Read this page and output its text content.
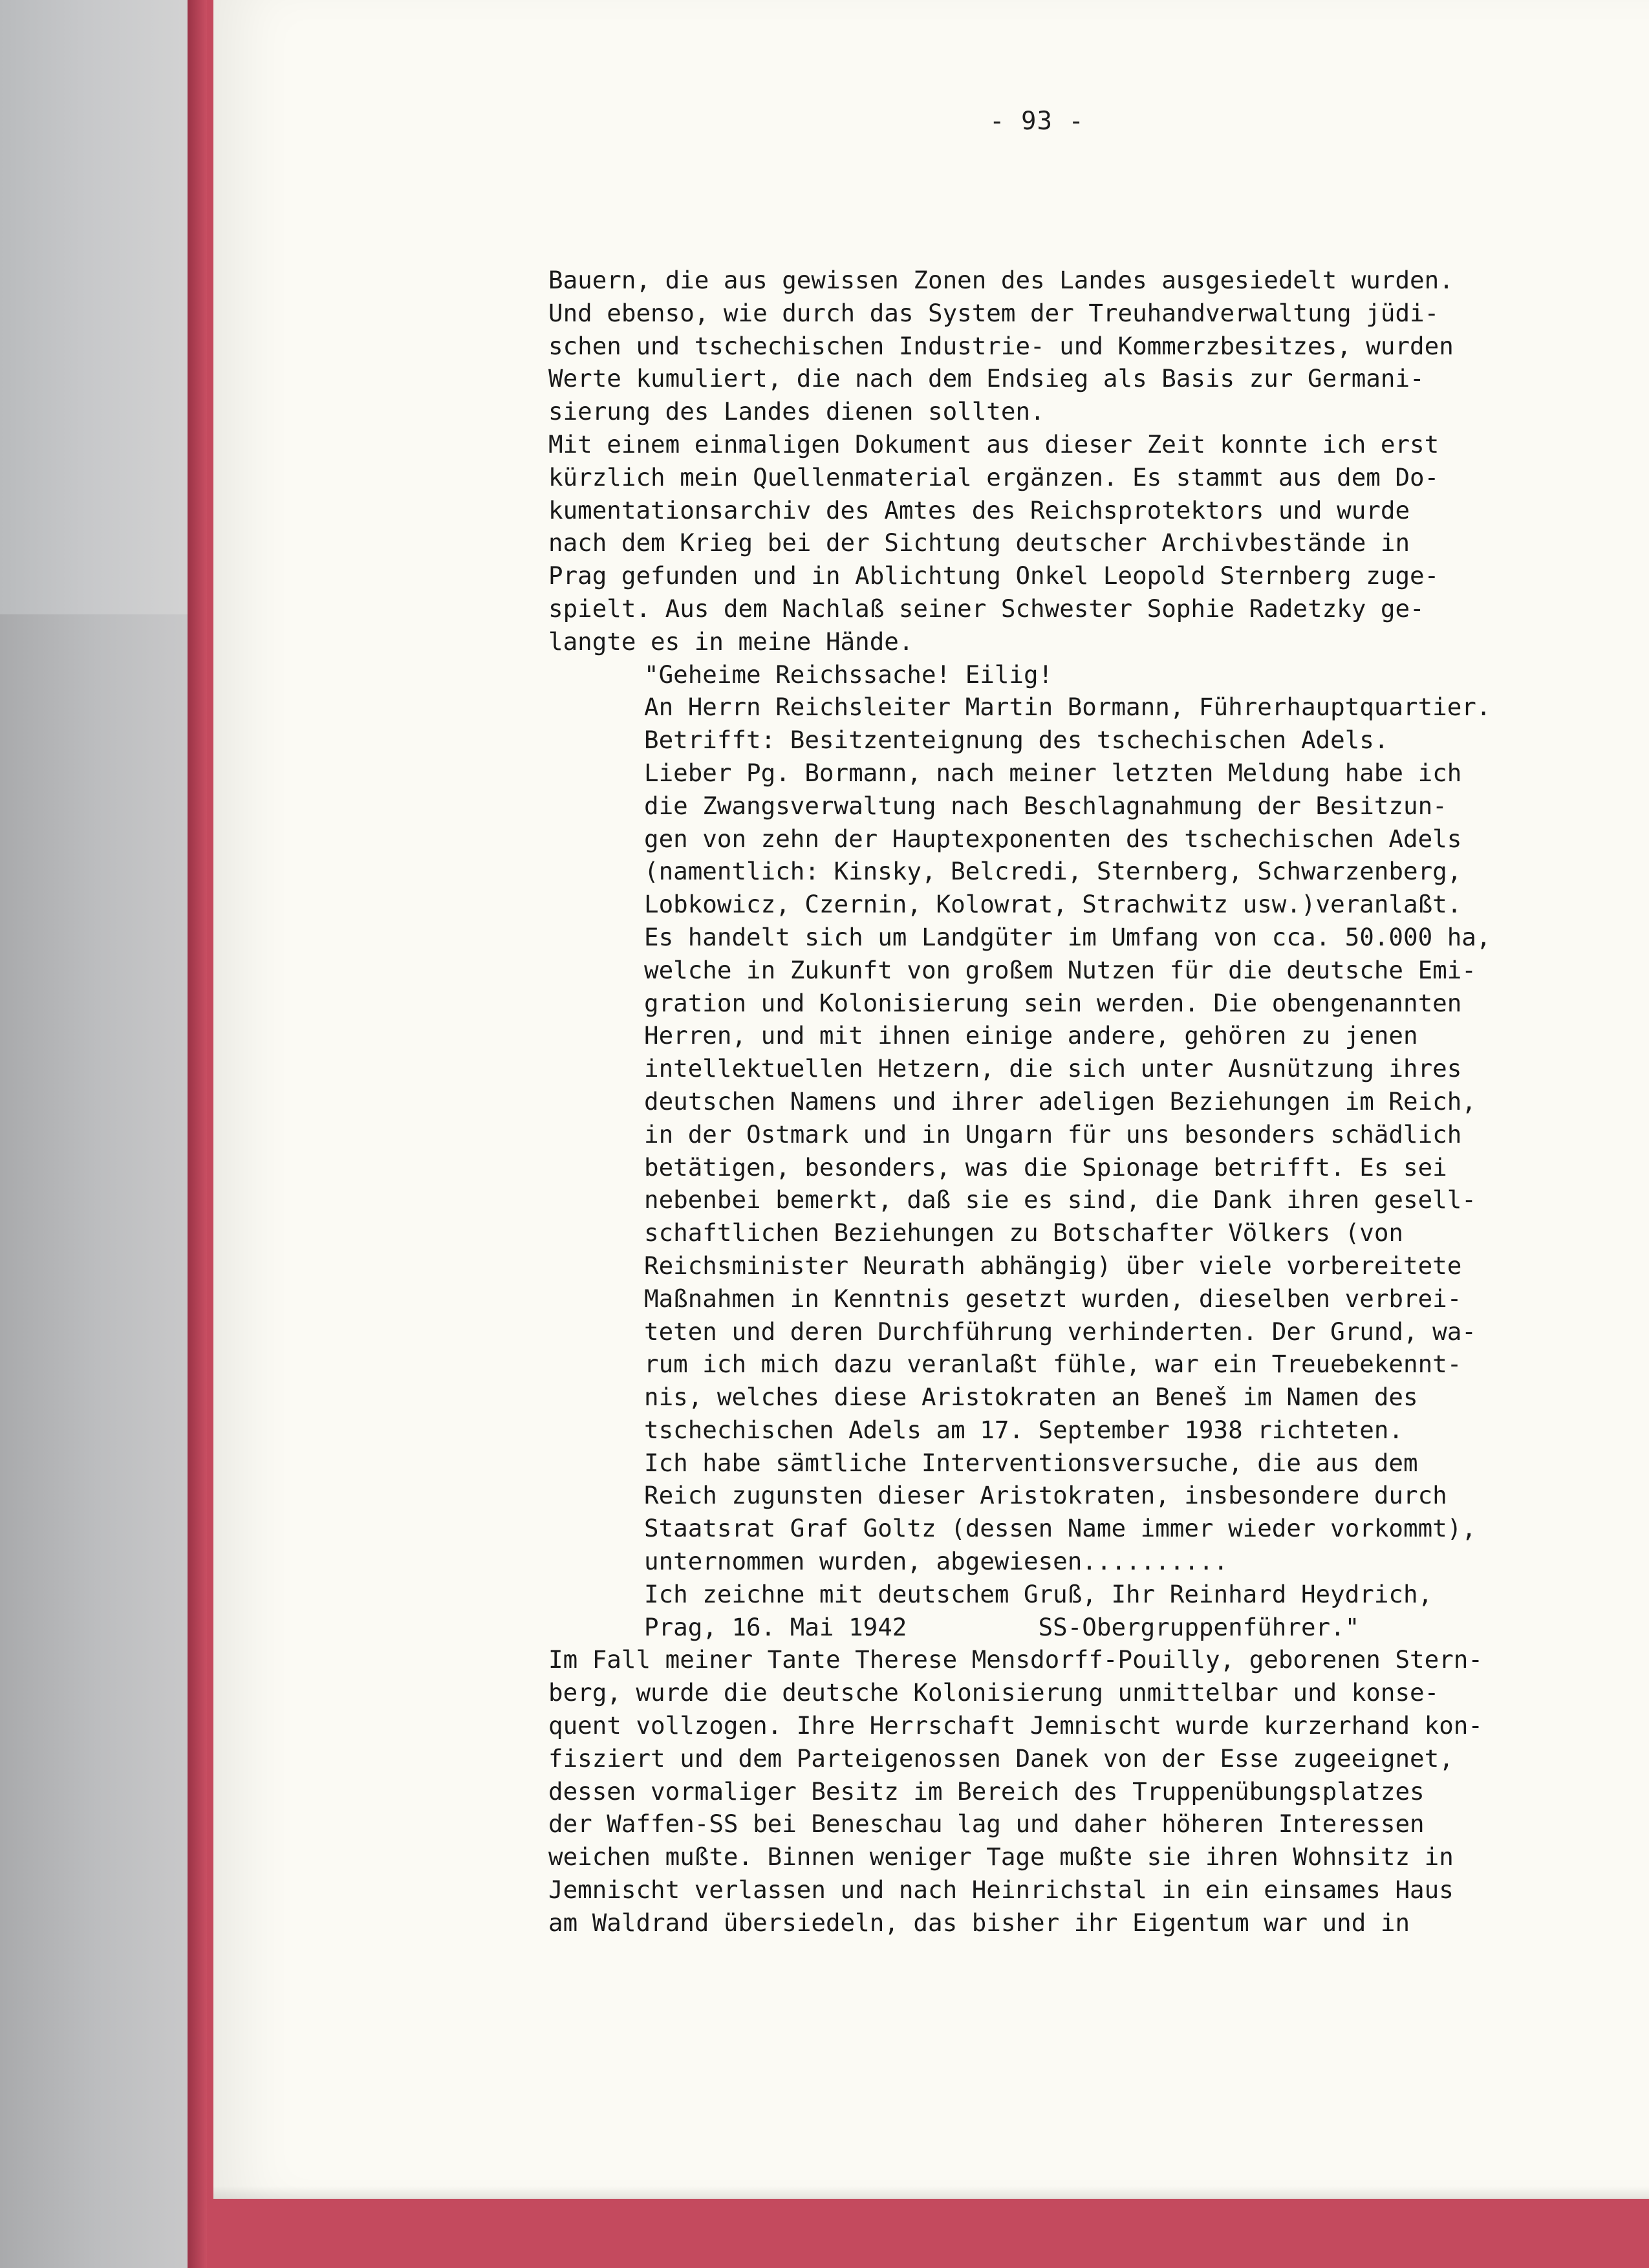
- 93 -
Bauern, die aus gewissen Zonen des Landes ausgesiedelt wurden.
Und ebenso, wie durch das System der Treuhandverwaltung jüdi-
schen und tschechischen Industrie- und Kommerzbesitzes, wurden
Werte kumuliert, die nach dem Endsieg als Basis zur Germani-
sierung des Landes dienen sollten.
Mit einem einmaligen Dokument aus dieser Zeit konnte ich erst
kürzlich mein Quellenmaterial ergänzen. Es stammt aus dem Do-
kumentationsarchiv des Amtes des Reichsprotektors und wurde
nach dem Krieg bei der Sichtung deutscher Archivbestände in
Prag gefunden und in Ablichtung Onkel Leopold Sternberg zuge-
spielt. Aus dem Nachlaß seiner Schwester Sophie Radetzky ge-
langte es in meine Hände.
"Geheime Reichssache! Eilig!
An Herrn Reichsleiter Martin Bormann, Führerhauptquartier.
Betrifft: Besitzenteignung des tschechischen Adels.
Lieber Pg. Bormann, nach meiner letzten Meldung habe ich
die Zwangsverwaltung nach Beschlagnahmung der Besitzun-
gen von zehn der Hauptexponenten des tschechischen Adels
(namentlich: Kinsky, Belcredi, Sternberg, Schwarzenberg,
Lobkowicz, Czernin, Kolowrat, Strachwitz usw.)veranlaßt.
Es handelt sich um Landgüter im Umfang von cca. 50.000 ha,
welche in Zukunft von großem Nutzen für die deutsche Emi-
gration und Kolonisierung sein werden. Die obengenannten
Herren, und mit ihnen einige andere, gehören zu jenen
intellektuellen Hetzern, die sich unter Ausnützung ihres
deutschen Namens und ihrer adeligen Beziehungen im Reich,
in der Ostmark und in Ungarn für uns besonders schädlich
betätigen, besonders, was die Spionage betrifft. Es sei
nebenbei bemerkt, daß sie es sind, die Dank ihren gesell-
schaftlichen Beziehungen zu Botschafter Völkers (von
Reichsminister Neurath abhängig) über viele vorbereitete
Maßnahmen in Kenntnis gesetzt wurden, dieselben verbrei-
teten und deren Durchführung verhinderten. Der Grund, wa-
rum ich mich dazu veranlaßt fühle, war ein Treuebekennt-
nis, welches diese Aristokraten an Beneš im Namen des
tschechischen Adels am 17. September 1938 richteten.
Ich habe sämtliche Interventionsversuche, die aus dem
Reich zugunsten dieser Aristokraten, insbesondere durch
Staatsrat Graf Goltz (dessen Name immer wieder vorkommt),
unternommen wurden, abgewiesen..........
Ich zeichne mit deutschem Gruß, Ihr Reinhard Heydrich,
Prag, 16. Mai 1942         SS-Obergruppenführer."
Im Fall meiner Tante Therese Mensdorff-Pouilly, geborenen Stern-
berg, wurde die deutsche Kolonisierung unmittelbar und konse-
quent vollzogen. Ihre Herrschaft Jemnischt wurde kurzerhand kon-
fisziert und dem Parteigenossen Danek von der Esse zugeeignet,
dessen vormaliger Besitz im Bereich des Truppenübungsplatzes
der Waffen-SS bei Beneschau lag und daher höheren Interessen
weichen mußte. Binnen weniger Tage mußte sie ihren Wohnsitz in
Jemnischt verlassen und nach Heinrichstal in ein einsames Haus
am Waldrand übersiedeln, das bisher ihr Eigentum war und in
